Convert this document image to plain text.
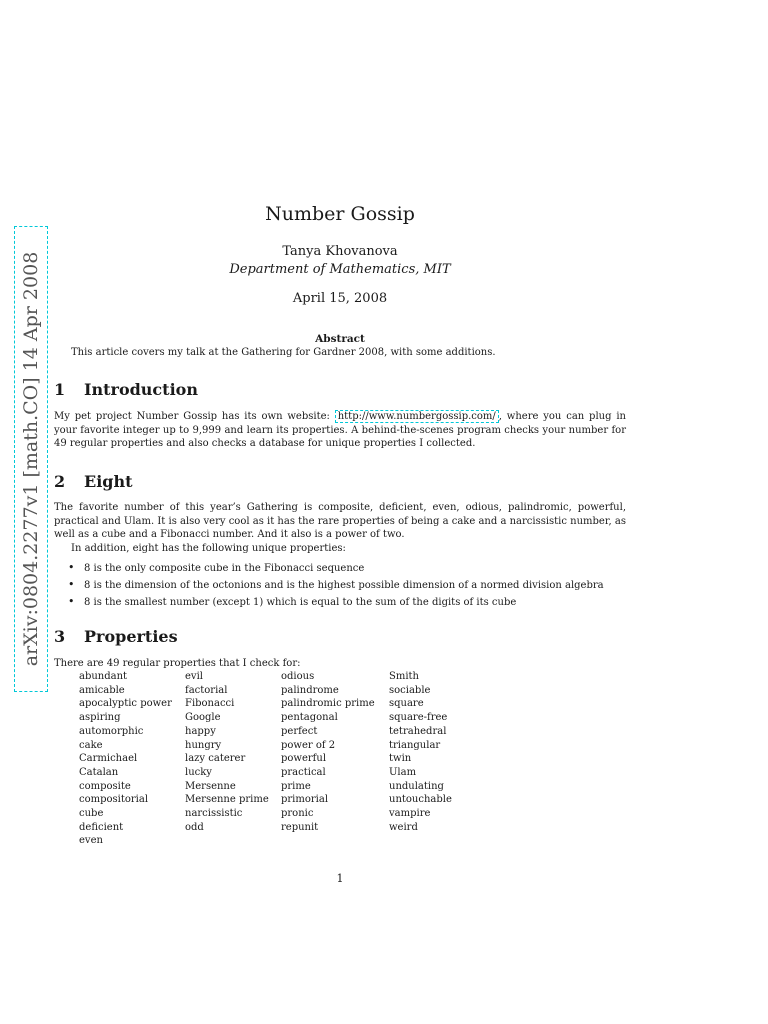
arXiv:0804.2277v1 [math.CO] 14 Apr 2008
Number Gossip
Tanya Khovanova
Department of Mathematics, MIT
April 15, 2008
Abstract
This article covers my talk at the Gathering for Gardner 2008, with some additions.
1 Introduction
My pet project Number Gossip has its own website: http://www.numbergossip.com/ , where you can plug in your favorite integer up to 9,999 and learn its properties. A behind-the-scenes program checks your number for 49 regular properties and also checks a database for unique properties I collected.
2 Eight
The favorite number of this year’s Gathering is composite, deficient, even, odious, palindromic, powerful, practical and Ulam. It is also very cool as it has the rare properties of being a cake and a narcissistic number, as well as a cube and a Fibonacci number. And it also is a power of two.
In addition, eight has the following unique properties:
• 8 is the only composite cube in the Fibonacci sequence
• 8 is the dimension of the octonions and is the highest possible dimension of a normed division algebra
• 8 is the smallest number (except 1) which is equal to the sum of the digits of its cube
3 Properties
There are 49 regular properties that I check for:
abundant
amicable
apocalyptic power
aspiring
automorphic
cake
Carmichael
Catalan
composite
compositorial
cube
deficient
even
evil
factorial
Fibonacci
Google
happy
hungry
lazy caterer
lucky
Mersenne
Mersenne prime
narcissistic
odd
odious
palindrome
palindromic prime
pentagonal
perfect
power of 2
powerful
practical
prime
primorial
pronic
repunit
Smith
sociable
square
square-free
tetrahedral
triangular
twin
Ulam
undulating
untouchable
vampire
weird
1
